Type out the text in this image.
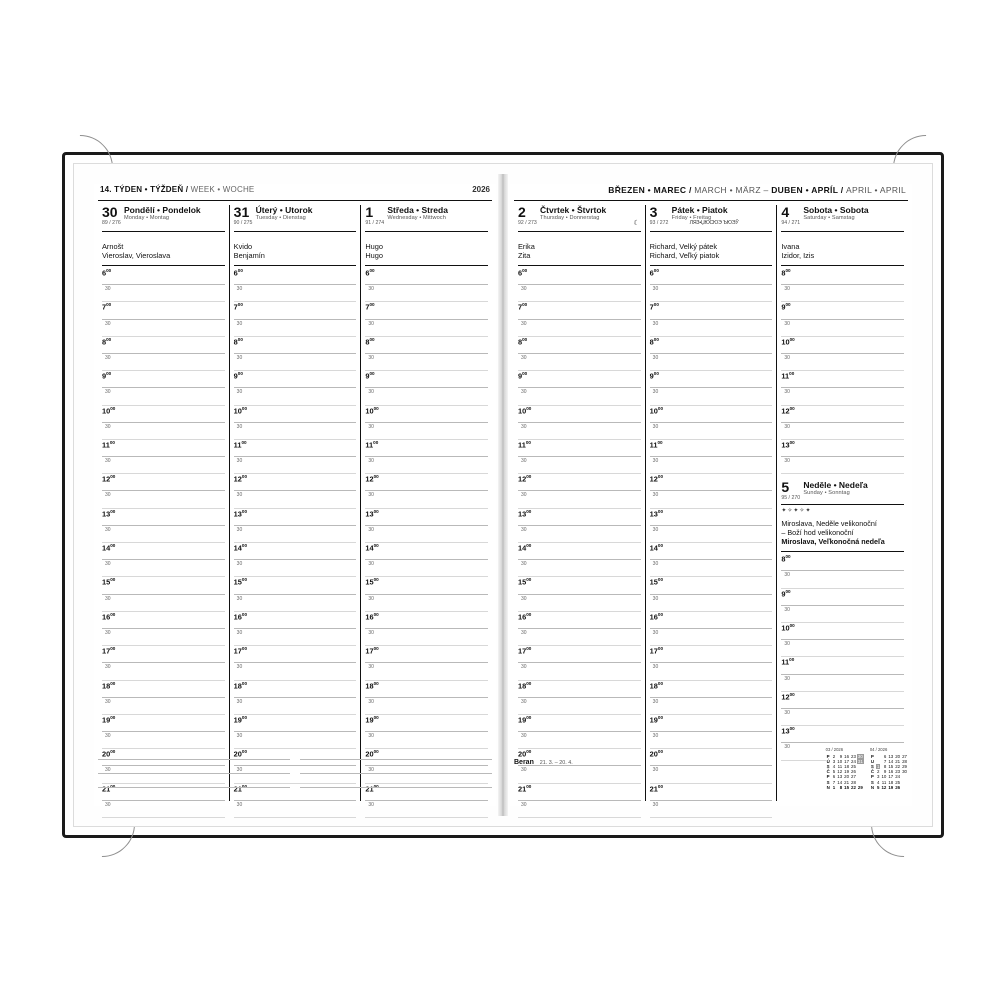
14. TÝDEN • TÝŽDEŇ / WEEK • WOCHE	2026
30 Pondělí • Pondelok
Monday • Montag
89 / 276
Arnošt
Vieroslav, Vieroslava
$6^{00}$
30
$7^{00}$
30
$8^{00}$
30
$9^{00}$
30
$10^{00}$
30
$11^{00}$
30
$12^{00}$
30
$13^{00}$
30
$14^{00}$
30
$15^{00}$
30
$16^{00}$
30
$17^{00}$
30
$18^{00}$
30
$19^{00}$
30
$20^{00}$
30
$21^{00}$
30
31 Úterý • Utorok
Tuesday • Dienstag
90 / 275
Kvido
Benjamín
$6^{00}$
30
$7^{00}$
30
$8^{00}$
30
$9^{00}$
30
$10^{00}$
30
$11^{00}$
30
$12^{00}$
30
$13^{00}$
30
$14^{00}$
30
$15^{00}$
30
$16^{00}$
30
$17^{00}$
30
$18^{00}$
30
$19^{00}$
30
$20^{00}$
30
$21^{00}$
30
1 Středa • Streda
Wednesday • Mittwoch
91 / 274
Hugo
Hugo
$6^{00}$
30
$7^{00}$
30
$8^{00}$
30
$9^{00}$
30
$10^{00}$
30
$11^{00}$
30
$12^{00}$
30
$13^{00}$
30
$14^{00}$
30
$15^{00}$
30
$16^{00}$
30
$17^{00}$
30
$18^{00}$
30
$19^{00}$
30
$20^{00}$
30
$21^{00}$
30
BŘEZEN • MAREC / MARCH • MÄRZ – DUBEN • APRÍL / APRIL • APRIL
2 Čtvrtek • Štvrtok
Thursday • Donnerstag
92 / 273	☾
Erika
Zita
$6^{00}$
30
$7^{00}$
30
$8^{00}$
30
$9^{00}$
30
$10^{00}$
30
$11^{00}$
30
$12^{00}$
30
$13^{00}$
30
$14^{00}$
30
$15^{00}$
30
$16^{00}$
30
$17^{00}$
30
$18^{00}$
30
$19^{00}$
30
$20^{00}$
30
$21^{00}$
30
3 Pátek • Piatok
Friday • Freitag
93 / 272	ЛЯЗ•ЏЮСЮЭ ЪЮЭЎ
Richard, Velký pátek
Richard, Veľký piatok
$6^{00}$
30
$7^{00}$
30
$8^{00}$
30
$9^{00}$
30
$10^{00}$
30
$11^{00}$
30
$12^{00}$
30
$13^{00}$
30
$14^{00}$
30
$15^{00}$
30
$16^{00}$
30
$17^{00}$
30
$18^{00}$
30
$19^{00}$
30
$20^{00}$
30
$21^{00}$
30
4 Sobota • Sobota
Saturday • Samstag
94 / 271
Ivana
Izidor, Izis
$8^{00}$
30
$9^{00}$
30
$10^{00}$
30
$11^{00}$
30
$12^{00}$
30
$13^{00}$
30
5 Neděle • Nedeľa
Sunday • Sonntag
95 / 270
✦✧✦✧✦
Miroslava, Neděle velikonoční
– Boží hod velikonoční
Miroslava, Veľkonočná nedeľa
$8^{00}$
30
$9^{00}$
30
$10^{00}$
30
$11^{00}$
30
$12^{00}$
30
$13^{00}$
30
Beran 21. 3. – 20. 4.
03 / 2026
P	2	9	16	23	30
Ú	3	10	17	24	31
S	4	11	18	25	
Č	5	12	19	26	
P	6	13	20	27	
S	7	14	21	28	
N	1	8	15	22	29
04 / 2026
P		6	13	20	27
U		7	14	21	28
S	1	8	15	22	29
Č	2	9	16	23	30
P	3	10	17	24	
S	4	11	18	25	
N	5	12	19	26	
